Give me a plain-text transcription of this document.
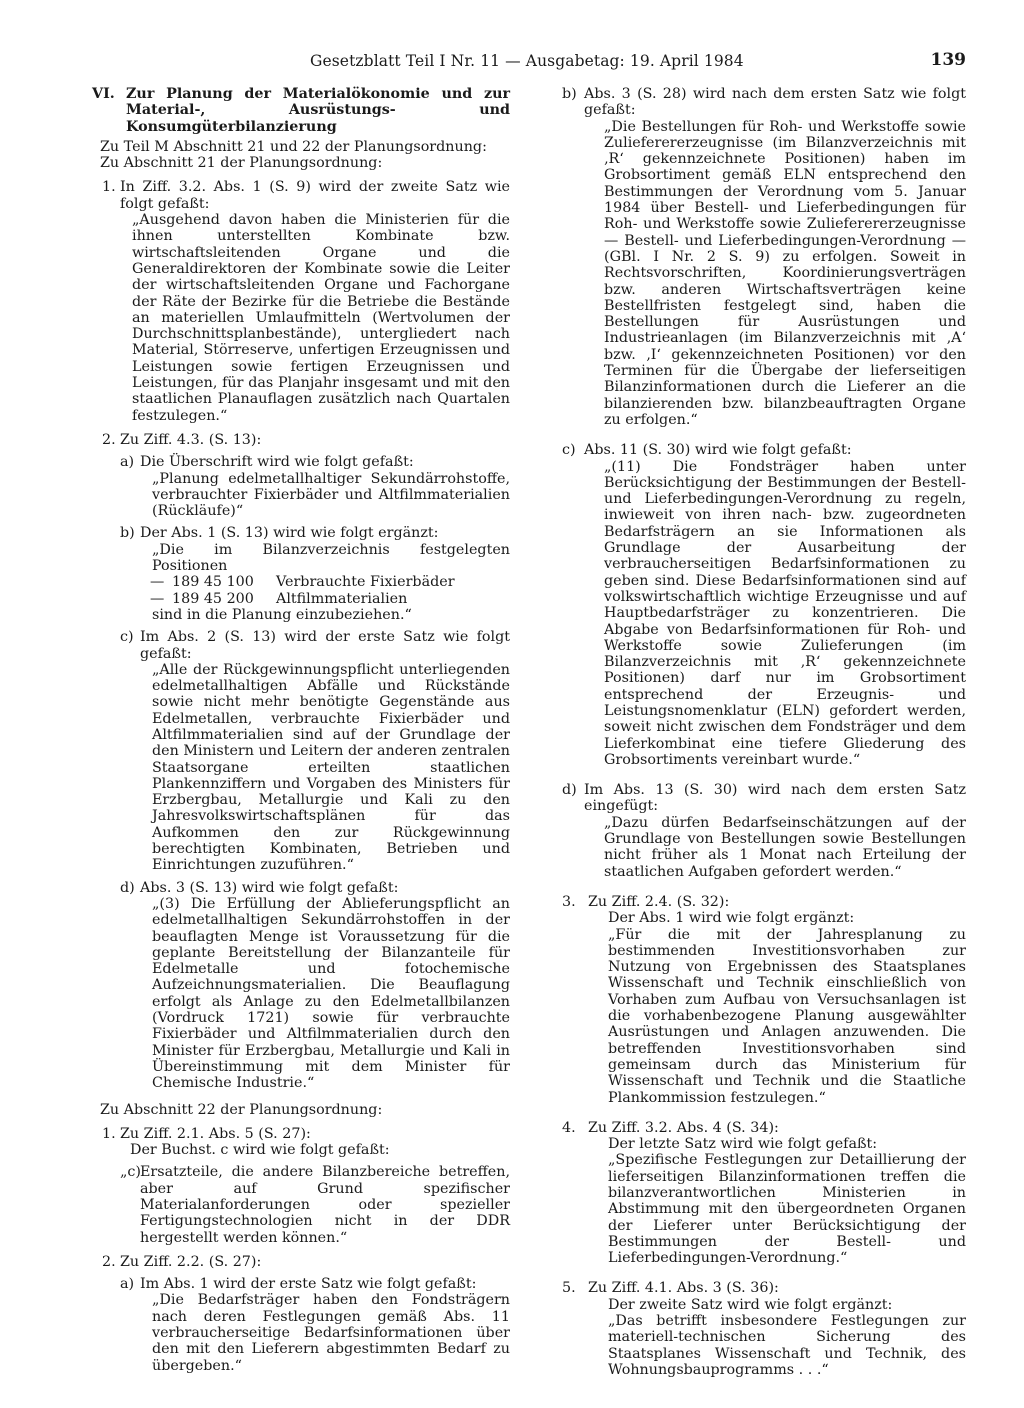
Gesetzblatt Teil I Nr. 11 — Ausgabetag: 19. April 1984	139
VI. Zur Planung der Materialökonomie und zur Material-, Ausrüstungs- und Konsumgüterbilanzierung

Zu Teil M Abschnitt 21 und 22 der Planungsordnung:

Zu Abschnitt 21 der Planungsordnung:

1. In Ziff. 3.2. Abs. 1 (S. 9) wird der zweite Satz wie folgt gefaßt:

„Ausgehend davon haben die Ministerien für die ihnen unterstellten Kombinate bzw. wirtschaftsleitenden Organe und die Generaldirektoren der Kombinate sowie die Leiter der wirtschaftsleitenden Organe und Fachorgane der Räte der Bezirke für die Betriebe die Bestände an materiellen Umlaufmitteln (Wertvolumen der Durchschnittsplanbestände), untergliedert nach Material, Störreserve, unfertigen Erzeugnissen und Leistungen sowie fertigen Erzeugnissen und Leistungen, für das Planjahr insgesamt und mit den staatlichen Planauflagen zusätzlich nach Quartalen festzulegen.“

2. Zu Ziff. 4.3. (S. 13):

a) Die Überschrift wird wie folgt gefaßt:

„Planung edelmetallhaltiger Sekundärrohstoffe, verbrauchter Fixierbäder und Altfilmmaterialien (Rückläufe)“

b) Der Abs. 1 (S. 13) wird wie folgt ergänzt:

„Die im Bilanzverzeichnis festgelegten Positionen

— 189 45 100	Verbrauchte Fixierbäder
— 189 45 200	Altfilmmaterialien

sind in die Planung einzubeziehen.“

c) Im Abs. 2 (S. 13) wird der erste Satz wie folgt gefaßt:

„Alle der Rückgewinnungspflicht unterliegenden edelmetallhaltigen Abfälle und Rückstände sowie nicht mehr benötigte Gegenstände aus Edelmetallen, verbrauchte Fixierbäder und Altfilmmaterialien sind auf der Grundlage der den Ministern und Leitern der anderen zentralen Staatsorgane erteilten staatlichen Plankennziffern und Vorgaben des Ministers für Erzbergbau, Metallurgie und Kali zu den Jahresvolkswirtschaftsplänen für das Aufkommen den zur Rückgewinnung berechtigten Kombinaten, Betrieben und Einrichtungen zuzuführen.“

d) Abs. 3 (S. 13) wird wie folgt gefaßt:

„(3) Die Erfüllung der Ablieferungspflicht an edelmetallhaltigen Sekundärrohstoffen in der beauflagten Menge ist Voraussetzung für die geplante Bereitstellung der Bilanzanteile für Edelmetalle und fotochemische Aufzeichnungsmaterialien. Die Beauflagung erfolgt als Anlage zu den Edelmetallbilanzen (Vordruck 1721) sowie für verbrauchte Fixierbäder und Altfilmmaterialien durch den Minister für Erzbergbau, Metallurgie und Kali in Übereinstimmung mit dem Minister für Chemische Industrie.“

Zu Abschnitt 22 der Planungsordnung:

1. Zu Ziff. 2.1. Abs. 5 (S. 27):

Der Buchst. c wird wie folgt gefaßt:

„c) Ersatzteile, die andere Bilanzbereiche betreffen, aber auf Grund spezifischer Materialanforderungen oder spezieller Fertigungstechnologien nicht in der DDR hergestellt werden können.“

2. Zu Ziff. 2.2. (S. 27):

a) Im Abs. 1 wird der erste Satz wie folgt gefaßt:

„Die Bedarfsträger haben den Fondsträgern nach deren Festlegungen gemäß Abs. 11 verbraucherseitige Bedarfsinformationen über den mit den Lieferern abgestimmten Bedarf zu übergeben.“

b) Abs. 3 (S. 28) wird nach dem ersten Satz wie folgt gefaßt:

„Die Bestellungen für Roh- und Werkstoffe sowie Zulieferererzeugnisse (im Bilanzverzeichnis mit ‚R‘ gekennzeichnete Positionen) haben im Grobsortiment gemäß ELN entsprechend den Bestimmungen der Verordnung vom 5. Januar 1984 über Bestell- und Lieferbedingungen für Roh- und Werkstoffe sowie Zulieferererzeugnisse — Bestell- und Lieferbedingungen-Verordnung — (GBl. I Nr. 2 S. 9) zu erfolgen. Soweit in Rechtsvorschriften, Koordinierungsverträgen bzw. anderen Wirtschaftsverträgen keine Bestellfristen festgelegt sind, haben die Bestellungen für Ausrüstungen und Industrieanlagen (im Bilanzverzeichnis mit ‚A‘ bzw. ‚I‘ gekennzeichneten Positionen) vor den Terminen für die Übergabe der lieferseitigen Bilanzinformationen durch die Lieferer an die bilanzierenden bzw. bilanzbeauftragten Organe zu erfolgen.“

c) Abs. 11 (S. 30) wird wie folgt gefaßt:

„(11) Die Fondsträger haben unter Berücksichtigung der Bestimmungen der Bestell- und Lieferbedingungen-Verordnung zu regeln, inwieweit von ihren nach- bzw. zugeordneten Bedarfsträgern an sie Informationen als Grundlage der Ausarbeitung der verbraucherseitigen Bedarfsinformationen zu geben sind. Diese Bedarfsinformationen sind auf volkswirtschaftlich wichtige Erzeugnisse und auf Hauptbedarfsträger zu konzentrieren. Die Abgabe von Bedarfsinformationen für Roh- und Werkstoffe sowie Zulieferungen (im Bilanzverzeichnis mit ‚R‘ gekennzeichnete Positionen) darf nur im Grobsortiment entsprechend der Erzeugnis- und Leistungsnomenklatur (ELN) gefordert werden, soweit nicht zwischen dem Fondsträger und dem Lieferkombinat eine tiefere Gliederung des Grobsortiments vereinbart wurde.“

d) Im Abs. 13 (S. 30) wird nach dem ersten Satz eingefügt:

„Dazu dürfen Bedarfseinschätzungen auf der Grundlage von Bestellungen sowie Bestellungen nicht früher als 1 Monat nach Erteilung der staatlichen Aufgaben gefordert werden.“

3. Zu Ziff. 2.4. (S. 32):

Der Abs. 1 wird wie folgt ergänzt:

„Für die mit der Jahresplanung zu bestimmenden Investitionsvorhaben zur Nutzung von Ergebnissen des Staatsplanes Wissenschaft und Technik einschließlich von Vorhaben zum Aufbau von Versuchsanlagen ist die vorhabenbezogene Planung ausgewählter Ausrüstungen und Anlagen anzuwenden. Die betreffenden Investitionsvorhaben sind gemeinsam durch das Ministerium für Wissenschaft und Technik und die Staatliche Plankommission festzulegen.“

4. Zu Ziff. 3.2. Abs. 4 (S. 34):

Der letzte Satz wird wie folgt gefaßt:

„Spezifische Festlegungen zur Detaillierung der lieferseitigen Bilanzinformationen treffen die bilanzverantwortlichen Ministerien in Abstimmung mit den übergeordneten Organen der Lieferer unter Berücksichtigung der Bestimmungen der Bestell- und Lieferbedingungen-Verordnung.“

5. Zu Ziff. 4.1. Abs. 3 (S. 36):

Der zweite Satz wird wie folgt ergänzt:

„Das betrifft insbesondere Festlegungen zur materiell-technischen Sicherung des Staatsplanes Wissenschaft und Technik, des Wohnungsbauprogramms . . .“
